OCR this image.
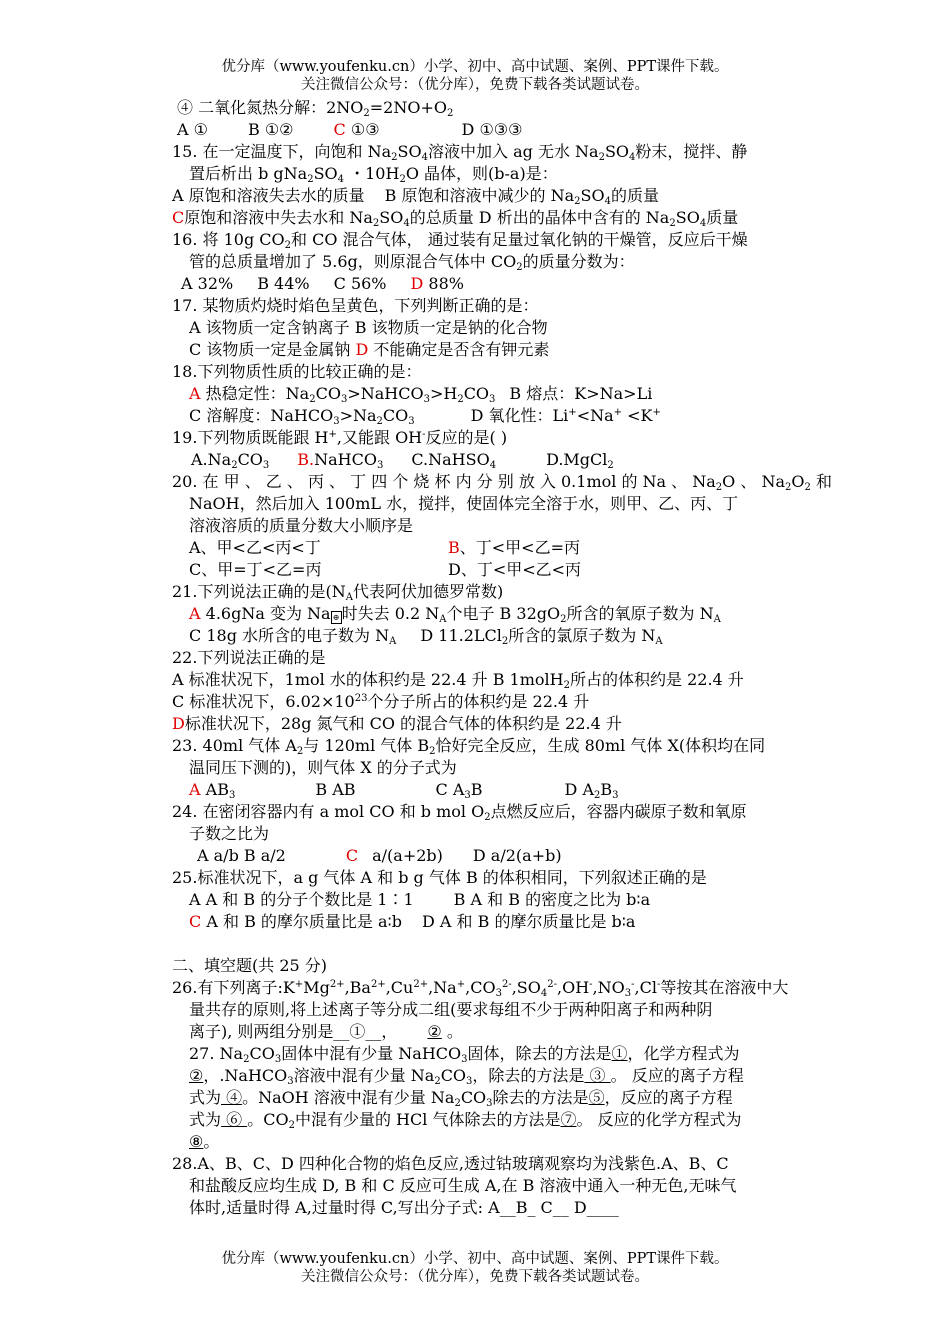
优分库（www.youfenku.cn）小学、初中、高中试题、案例、PPT课件下载。
关注微信公众号：（优分库），免费下载各类试题试卷。
④ 二氧化氮热分解：$2NO_2=2NO+O_2$
A ①	B ①②	C ①③	D ①③③
15. 在一定温度下，向饱和 $Na_2SO_4$溶液中加入 ag 无水 $Na_2SO_4$粉末，搅拌、静
置后析出 b $gNa_2SO_4$ ・$10H_2O$ 晶体，则(b-a)是：
A 原饱和溶液失去水的质量 B 原饱和溶液中减少的 $Na_2SO_4$的质量
C原饱和溶液中失去水和 $Na_2SO_4$的总质量 D 析出的晶体中含有的 $Na_2SO_4$质量
16. 将 10g $CO_2$和 CO 混合气体， 通过装有足量过氧化钠的干燥管，反应后干燥
管的总质量增加了 5.6g，则原混合气体中 $CO_2$的质量分数为：
A 32% B 44% C 56% D 88%
17. 某物质灼烧时焰色呈黄色，下列判断正确的是：
A 该物质一定含钠离子 B 该物质一定是钠的化合物
C 该物质一定是金属钠 D 不能确定是否含有钾元素
18.下列物质性质的比较正确的是：
A 热稳定性：$Na_2CO_3>NaHCO_3>H_2CO_3$ B 熔点：K>Na>Li
C 溶解度：$NaHCO_3>Na_2CO_3$	D 氧化性：Li+<Na+ <K+
19.下列物质既能跟 H+,又能跟 OH-反应的是( )
$A.Na_2CO_3$ B.NaHCO$_3$ C.NaHSO$_4$	D.MgCl$_2$
20. 在 甲 、 乙 、 丙 、 丁 四 个 烧 杯 内 分 别 放 入 0.1mol 的 Na 、 $Na_2O$ 、 $Na_2O_2$ 和
NaOH，然后加入 100mL 水，搅拌，使固体完全溶于水，则甲、乙、丙、丁
溶液溶质的质量分数大小顺序是
A、甲<乙<丙<丁	B、丁<甲<乙=丙
C、甲=丁<乙=丙	D、丁<甲<乙<丙
21.下列说法正确的是($N_A$代表阿伏加德罗常数)
A 4.6gNa 变为 Na ⊕ 时失去 0.2 $N_A$个电子 B $32gO_2$所含的氧原子数为 $N_A$
C 18g 水所含的电子数为 $N_A$ D 11.2LCl$_2$所含的氯原子数为 $N_A$
22.下列说法正确的是
A 标准状况下，1mol 水的体积约是 22.4 升 B 1molH$_2$所占的体积约是 22.4 升
C 标准状况下，$6.02\times 10^{23}$个分子所占的体积约是 22.4 升
D标准状况下，28g 氮气和 CO 的混合气体的体积约是 22.4 升
23. 40ml 气体 $A_2$与 120ml 气体 $B_2$恰好完全反应，生成 80ml 气体 X(体积均在同
温同压下测的)，则气体 X 的分子式为
A $AB_3$	B AB	C $A_3B$	D $A_2B_3$
24. 在密闭容器内有 a mol CO 和 b mol $O_2$点燃反应后，容器内碳原子数和氧原
子数之比为
A a/b B a/2	C a/(a+2b) D a/2(a+b)
25.标准状况下，a g 气体 A 和 b g 气体 B 的体积相同，下列叙述正确的是
A A 和 B 的分子个数比是 1∶1	B A 和 B 的密度之比为 b∶a
C A 和 B 的摩尔质量比是 a∶b D A 和 B 的摩尔质量比是 b∶a
二、填空题(共 25 分)
26.有下列离子$:K^+Mg^{2+},Ba^{2+},Cu^{2+},Na^+,CO_3^{2-},SO_4^{2-},OH^-,NO_3^-,Cl^-$等按其在溶液中大
量共存的原则,将上述离子等分成二组(要求每组不少于两种阳离子和两种阴
离子), 则两组分别是__①__， ② 。
27. $Na_2CO_3$固体中混有少量 NaHCO$_3$固体，除去的方法是①，化学方程式为
②，.NaHCO$_3$溶液中混有少量 $Na_2CO_3$，除去的方法是 ③ 。 反应的离子方程
式为 ④。NaOH 溶液中混有少量 $Na_2CO_3$除去的方法是⑤，反应的离子方程
式为 ⑥ 。$CO_2$中混有少量的 HCl 气体除去的方法是⑦。 反应的化学方程式为
⑧。
28.A、B、C、D 四种化合物的焰色反应,透过钴玻璃观察均为浅紫色.A、B、C
和盐酸反应均生成 D, B 和 C 反应可生成 A,在 B 溶液中通入一种无色,无味气
体时,适量时得 A,过量时得 C,写出分子式: A__B_ C__ D____
优分库（www.youfenku.cn）小学、初中、高中试题、案例、PPT课件下载。
关注微信公众号：（优分库），免费下载各类试题试卷。
